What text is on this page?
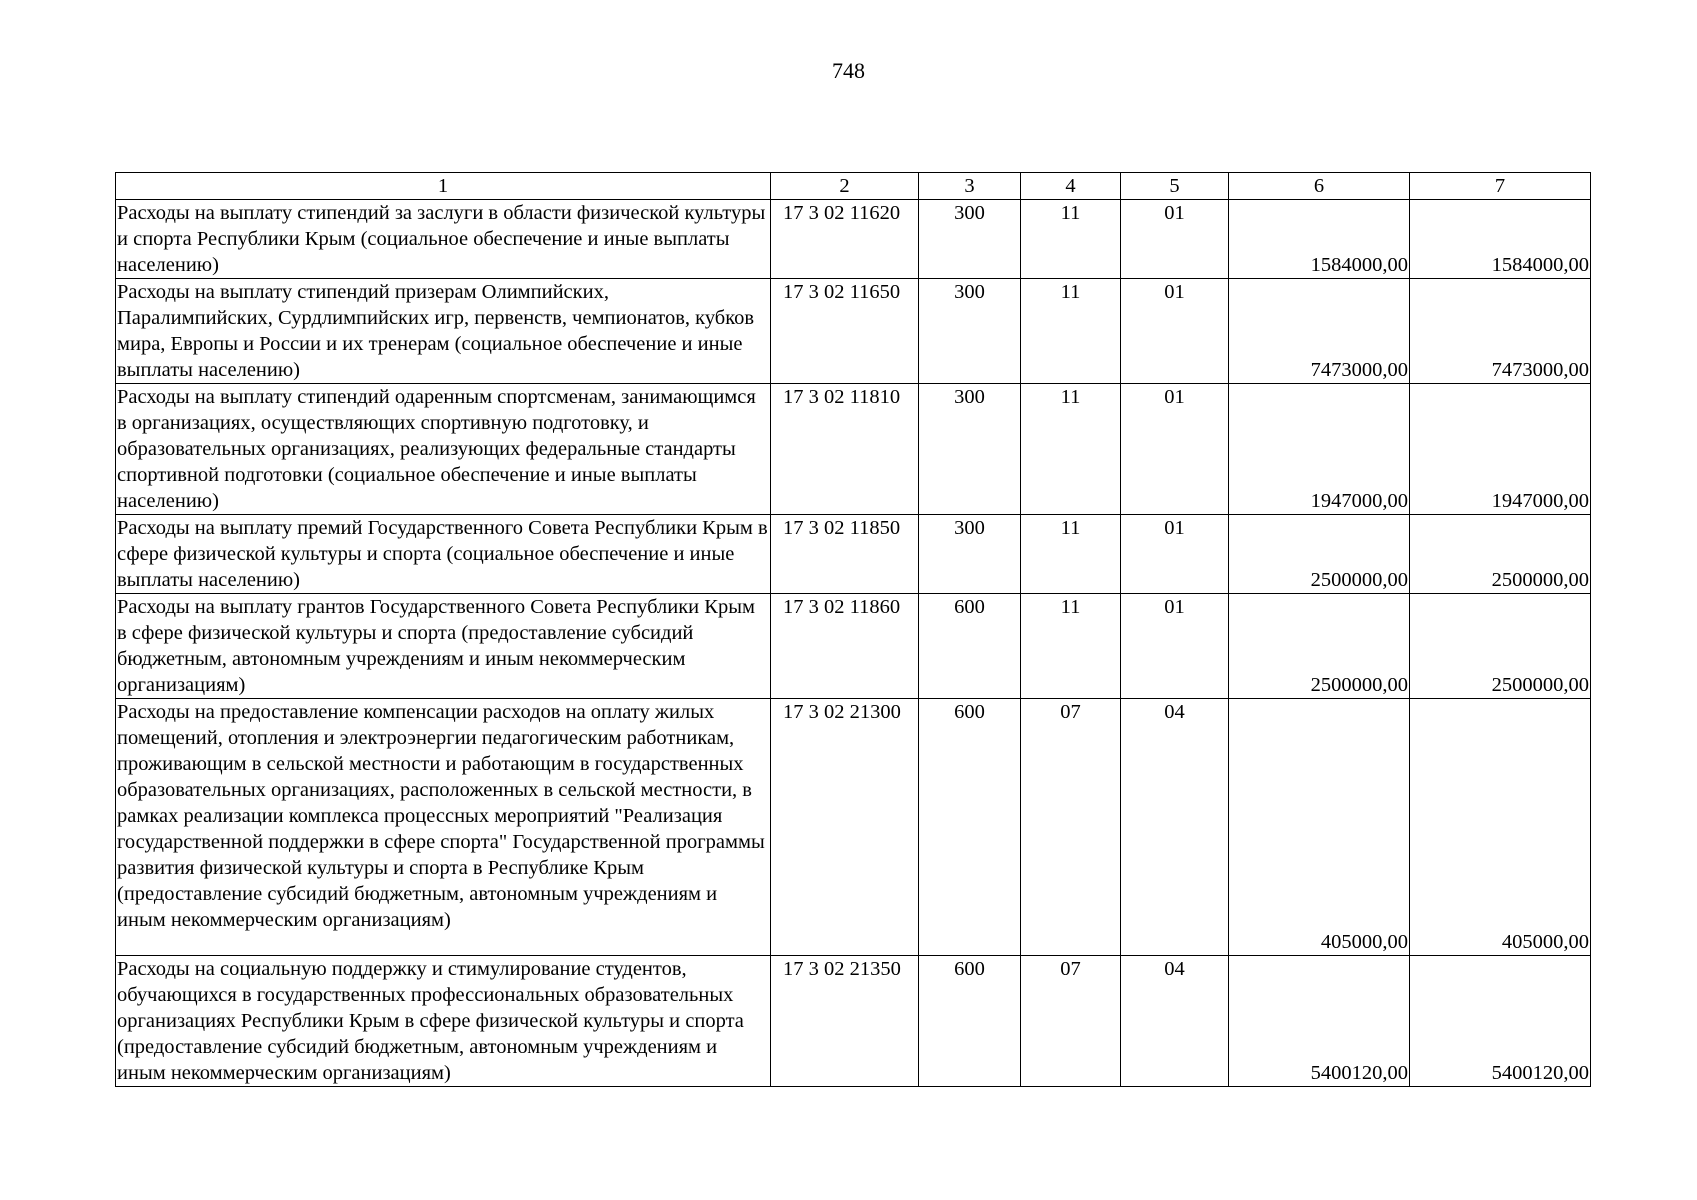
748
1	2	3	4	5	6	7
Расходы на выплату стипендий за заслуги в области физической культуры и спорта Республики Крым (социальное обеспечение и иные выплаты населению)	17 3 02 11620	300	11	01	1584000,00	1584000,00
Расходы на выплату стипендий призерам Олимпийских, Паралимпийских, Сурдлимпийских игр, первенств, чемпионатов, кубков мира, Европы и России и их тренерам (социальное обеспечение и иные выплаты населению)	17 3 02 11650	300	11	01	7473000,00	7473000,00
Расходы на выплату стипендий одаренным спортсменам, занимающимся в организациях, осуществляющих спортивную подготовку, и образовательных организациях, реализующих федеральные стандарты спортивной подготовки (социальное обеспечение и иные выплаты населению)	17 3 02 11810	300	11	01	1947000,00	1947000,00
Расходы на выплату премий Государственного Совета Республики Крым в сфере физической культуры и спорта (социальное обеспечение и иные выплаты населению)	17 3 02 11850	300	11	01	2500000,00	2500000,00
Расходы на выплату грантов Государственного Совета Республики Крым в сфере физической культуры и спорта (предоставление субсидий бюджетным, автономным учреждениям и иным некоммерческим организациям)	17 3 02 11860	600	11	01	2500000,00	2500000,00
Расходы на предоставление компенсации расходов на оплату жилых помещений, отопления и электроэнергии педагогическим работникам, проживающим в сельской местности и работающим в государственных образовательных организациях, расположенных в сельской местности, в рамках реализации комплекса процессных мероприятий "Реализация государственной поддержки в сфере спорта" Государственной программы развития физической культуры и спорта в Республике Крым (предоставление субсидий бюджетным, автономным учреждениям и иным некоммерческим организациям)	17 3 02 21300	600	07	04	405000,00	405000,00
Расходы на социальную поддержку и стимулирование студентов, обучающихся в государственных профессиональных образовательных организациях Республики Крым в сфере физической культуры и спорта (предоставление субсидий бюджетным, автономным учреждениям и иным некоммерческим организациям)	17 3 02 21350	600	07	04	5400120,00	5400120,00
